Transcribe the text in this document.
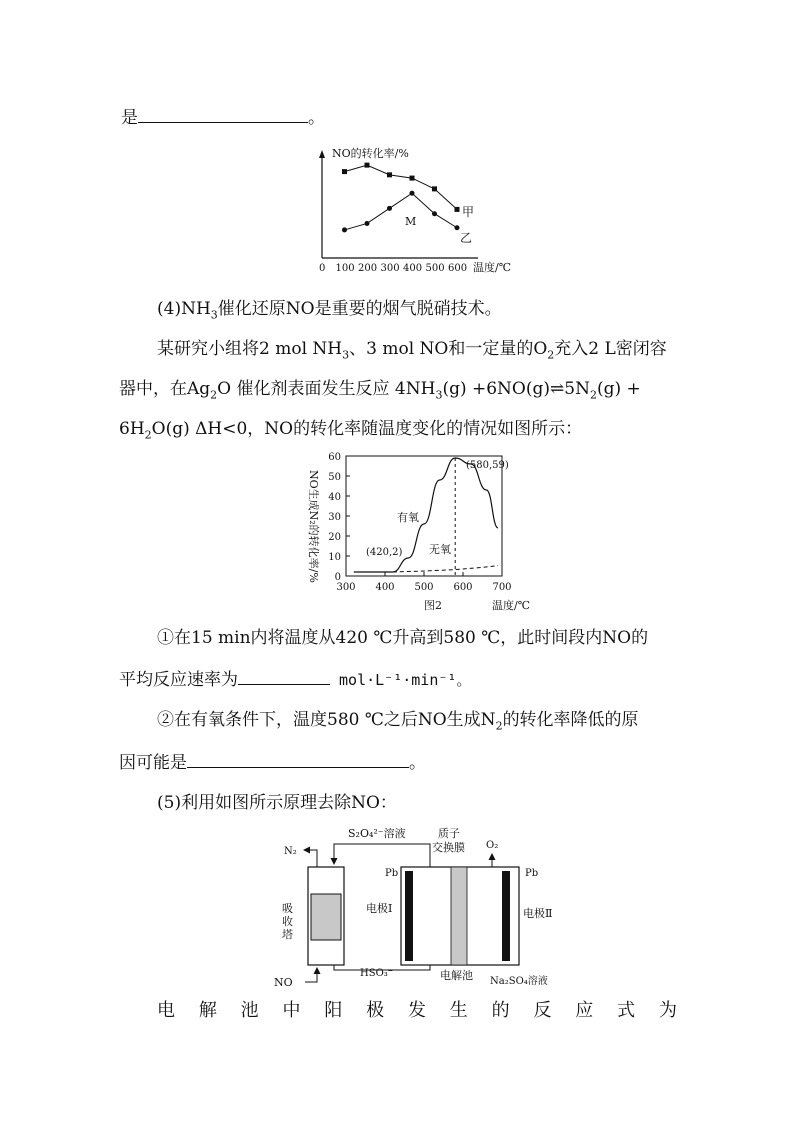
是	。
NO的转化率/%
0 100 200 300 400 500 600 温度/℃
M
甲
乙
$(4)NH_3$催化还原NO是重要的烟气脱硝技术。
某研究小组将2 mol $NH_3$、3 mol NO和一定量的$O_2$充入2 L密闭容
器中，在$Ag_2O$ 催化剂表面发生反应 $4NH_3(g)$ $+6NO(g)\rightleftharpoons 5N_2(g)$ +
$6H_2O(g)$ ΔH<0，NO的转化率随温度变化的情况如图所示：
NO生成N₂的转化率/% 0
10
20
30
40
50
60
300 400 500 600 700
有氧
无氧
(420,2)
(580,59)
图2	温度/℃
①在15 min内将温度从420 ℃升高到580 ℃，此时间段内NO的
平均反应速率为	mol·L⁻¹·min⁻¹。
②在有氧条件下，温度580 ℃之后NO生成$N_2$的转化率降低的原
因可能是	。
(5)利用如图所示原理去除NO：
吸
收
塔
N₂
NO
S₂O₄²⁻溶液
HSO₃⁻
Pb	Pb
电极Ⅰ	电极Ⅱ
质子
交换膜 O₂
电解池 Na₂SO₄溶液
电 解 池 中 阳 极 发 生 的 反 应 式 为
